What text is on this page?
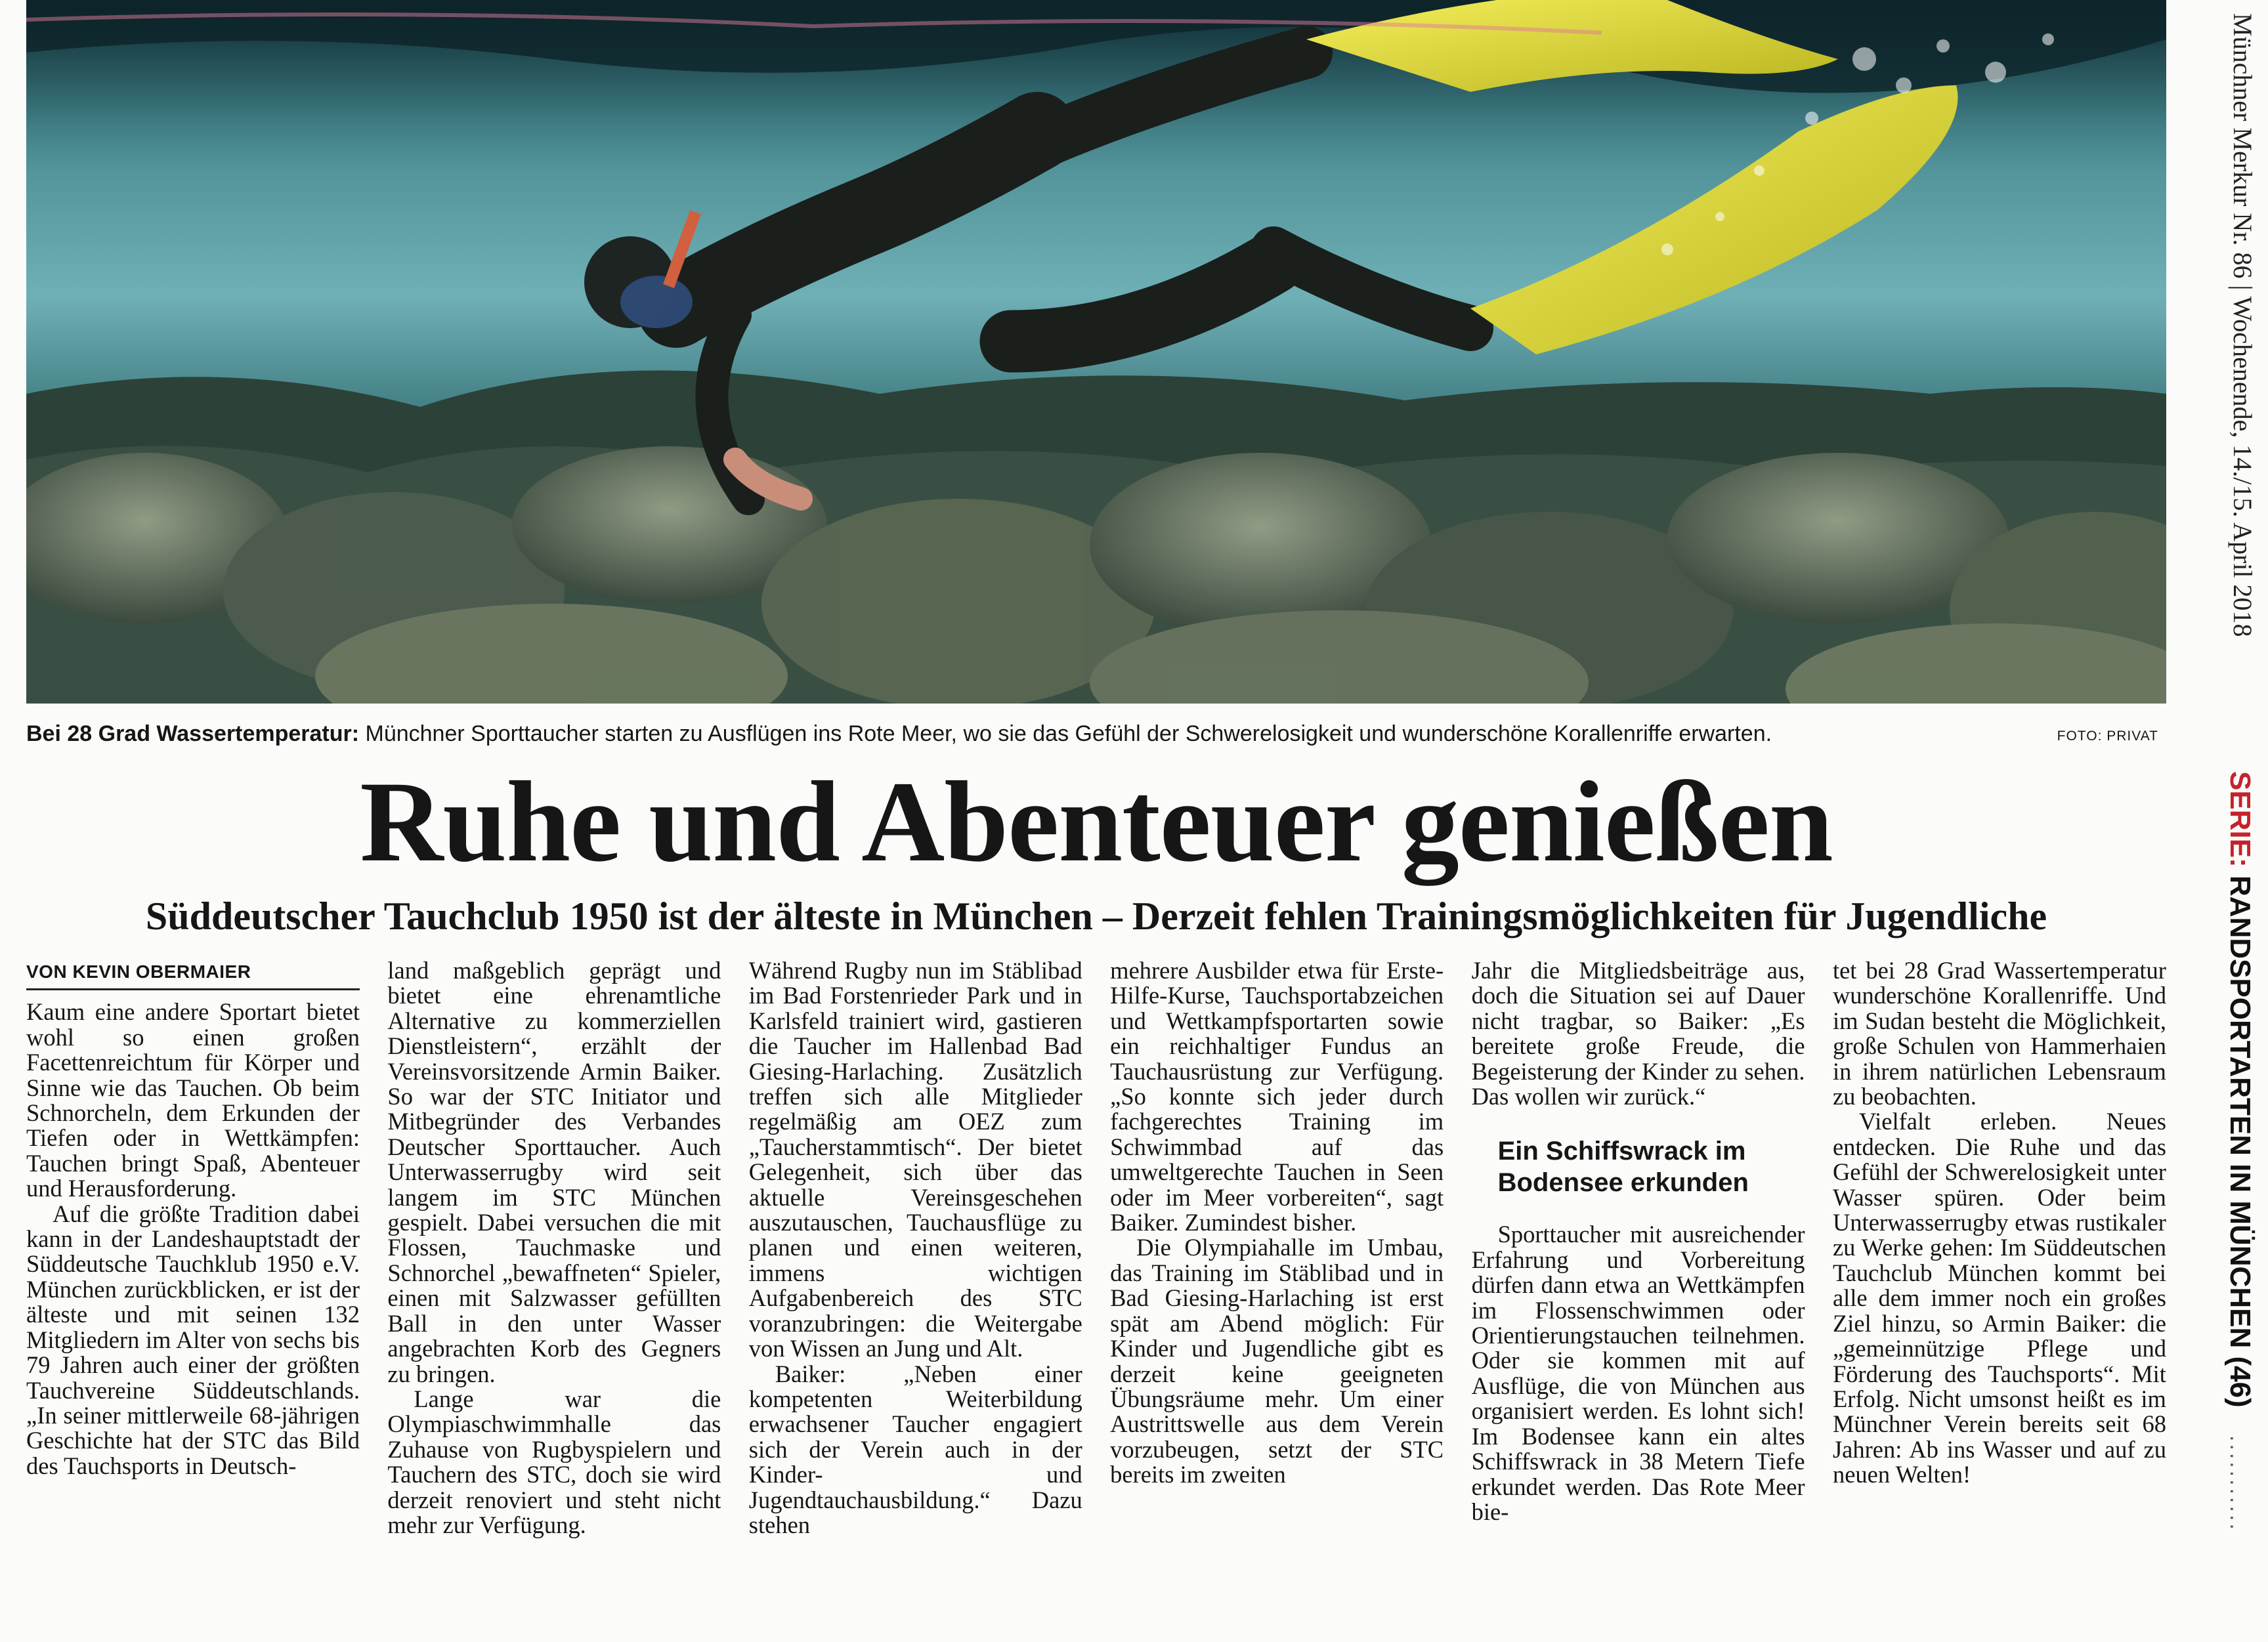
Bei 28 Grad Wassertemperatur: Münchner Sporttaucher starten zu Ausflügen ins Rote Meer, wo sie das Gefühl der Schwerelosigkeit und wunderschöne Korallenriffe erwarten.	FOTO: PRIVAT
Ruhe und Abenteuer genießen
Süddeutscher Tauchclub 1950 ist der älteste in München – Derzeit fehlen Trainingsmöglichkeiten für Jugendliche
VON KEVIN OBERMAIER

Kaum eine andere Sportart bietet wohl so einen großen Facettenreichtum für Körper und Sinne wie das Tauchen. Ob beim Schnorcheln, dem Erkunden der Tiefen oder in Wettkämpfen: Tauchen bringt Spaß, Abenteuer und Herausforderung.

Auf die größte Tradition dabei kann in der Landeshauptstadt der Süddeutsche Tauchklub 1950 e.V. München zurückblicken, er ist der älteste und mit seinen 132 Mitgliedern im Alter von sechs bis 79 Jahren auch einer der größten Tauchvereine Süddeutschlands. „In seiner mittlerweile 68-jährigen Geschichte hat der STC das Bild des Tauchsports in Deutsch-

land maßgeblich geprägt und bietet eine ehrenamtliche Alternative zu kommerziellen Dienstleistern“, erzählt der Vereinsvorsitzende Armin Baiker. So war der STC Initiator und Mitbegründer des Verbandes Deutscher Sporttaucher. Auch Unterwasserrugby wird seit langem im STC München gespielt. Dabei versuchen die mit Flossen, Tauchmaske und Schnorchel „bewaffneten“ Spieler, einen mit Salzwasser gefüllten Ball in den unter Wasser angebrachten Korb des Gegners zu bringen.

Lange war die Olympiaschwimmhalle das Zuhause von Rugbyspielern und Tauchern des STC, doch sie wird derzeit renoviert und steht nicht mehr zur Verfügung.

Während Rugby nun im Stäblibad im Bad Forstenrieder Park und in Karlsfeld trainiert wird, gastieren die Taucher im Hallenbad Bad Giesing-Harlaching. Zusätzlich treffen sich alle Mitglieder regelmäßig am OEZ zum „Taucherstammtisch“. Der bietet Gelegenheit, sich über das aktuelle Vereinsgeschehen auszutauschen, Tauchausflüge zu planen und einen weiteren, immens wichtigen Aufgabenbereich des STC voranzubringen: die Weitergabe von Wissen an Jung und Alt.

Baiker: „Neben einer kompetenten Weiterbildung erwachsener Taucher engagiert sich der Verein auch in der Kinder- und Jugendtauchausbildung.“ Dazu stehen

mehrere Ausbilder etwa für Erste-Hilfe-Kurse, Tauchsportabzeichen und Wettkampfsportarten sowie ein reichhaltiger Fundus an Tauchausrüstung zur Verfügung. „So konnte sich jeder durch fachgerechtes Training im Schwimmbad auf das umweltgerechte Tauchen in Seen oder im Meer vorbereiten“, sagt Baiker. Zumindest bisher.

Die Olympiahalle im Umbau, das Training im Stäblibad und in Bad Giesing-Harlaching ist erst spät am Abend möglich: Für Kinder und Jugendliche gibt es derzeit keine geeigneten Übungsräume mehr. Um einer Austrittswelle aus dem Verein vorzubeugen, setzt der STC bereits im zweiten

Jahr die Mitgliedsbeiträge aus, doch die Situation sei auf Dauer nicht tragbar, so Baiker: „Es bereitete große Freude, die Begeisterung der Kinder zu sehen. Das wollen wir zurück.“

Ein Schiffswrack im Bodensee erkunden

Sporttaucher mit ausreichender Erfahrung und Vorbereitung dürfen dann etwa an Wettkämpfen im Flossenschwimmen oder Orientierungstauchen teilnehmen. Oder sie kommen mit auf Ausflüge, die von München aus organisiert werden. Es lohnt sich! Im Bodensee kann ein altes Schiffswrack in 38 Metern Tiefe erkundet werden. Das Rote Meer bie-

tet bei 28 Grad Wassertemperatur wunderschöne Korallenriffe. Und im Sudan besteht die Möglichkeit, große Schulen von Hammerhaien in ihrem natürlichen Lebensraum zu beobachten.

Vielfalt erleben. Neues entdecken. Die Ruhe und das Gefühl der Schwerelosigkeit unter Wasser spüren. Oder beim Unterwasserrugby etwas rustikaler zu Werke gehen: Im Süddeutschen Tauchclub München kommt bei alle dem immer noch ein großes Ziel hinzu, so Armin Baiker: die „gemeinnützige Pflege und Förderung des Tauchsports“. Mit Erfolg. Nicht umsonst heißt es im Münchner Verein bereits seit 68 Jahren: Ab ins Wasser und auf zu neuen Welten!

Münchner Merkur Nr. 86 | Wochenende, 14./15. April 2018
SERIE: RANDSPORTARTEN IN MÜNCHEN (46) ...........
